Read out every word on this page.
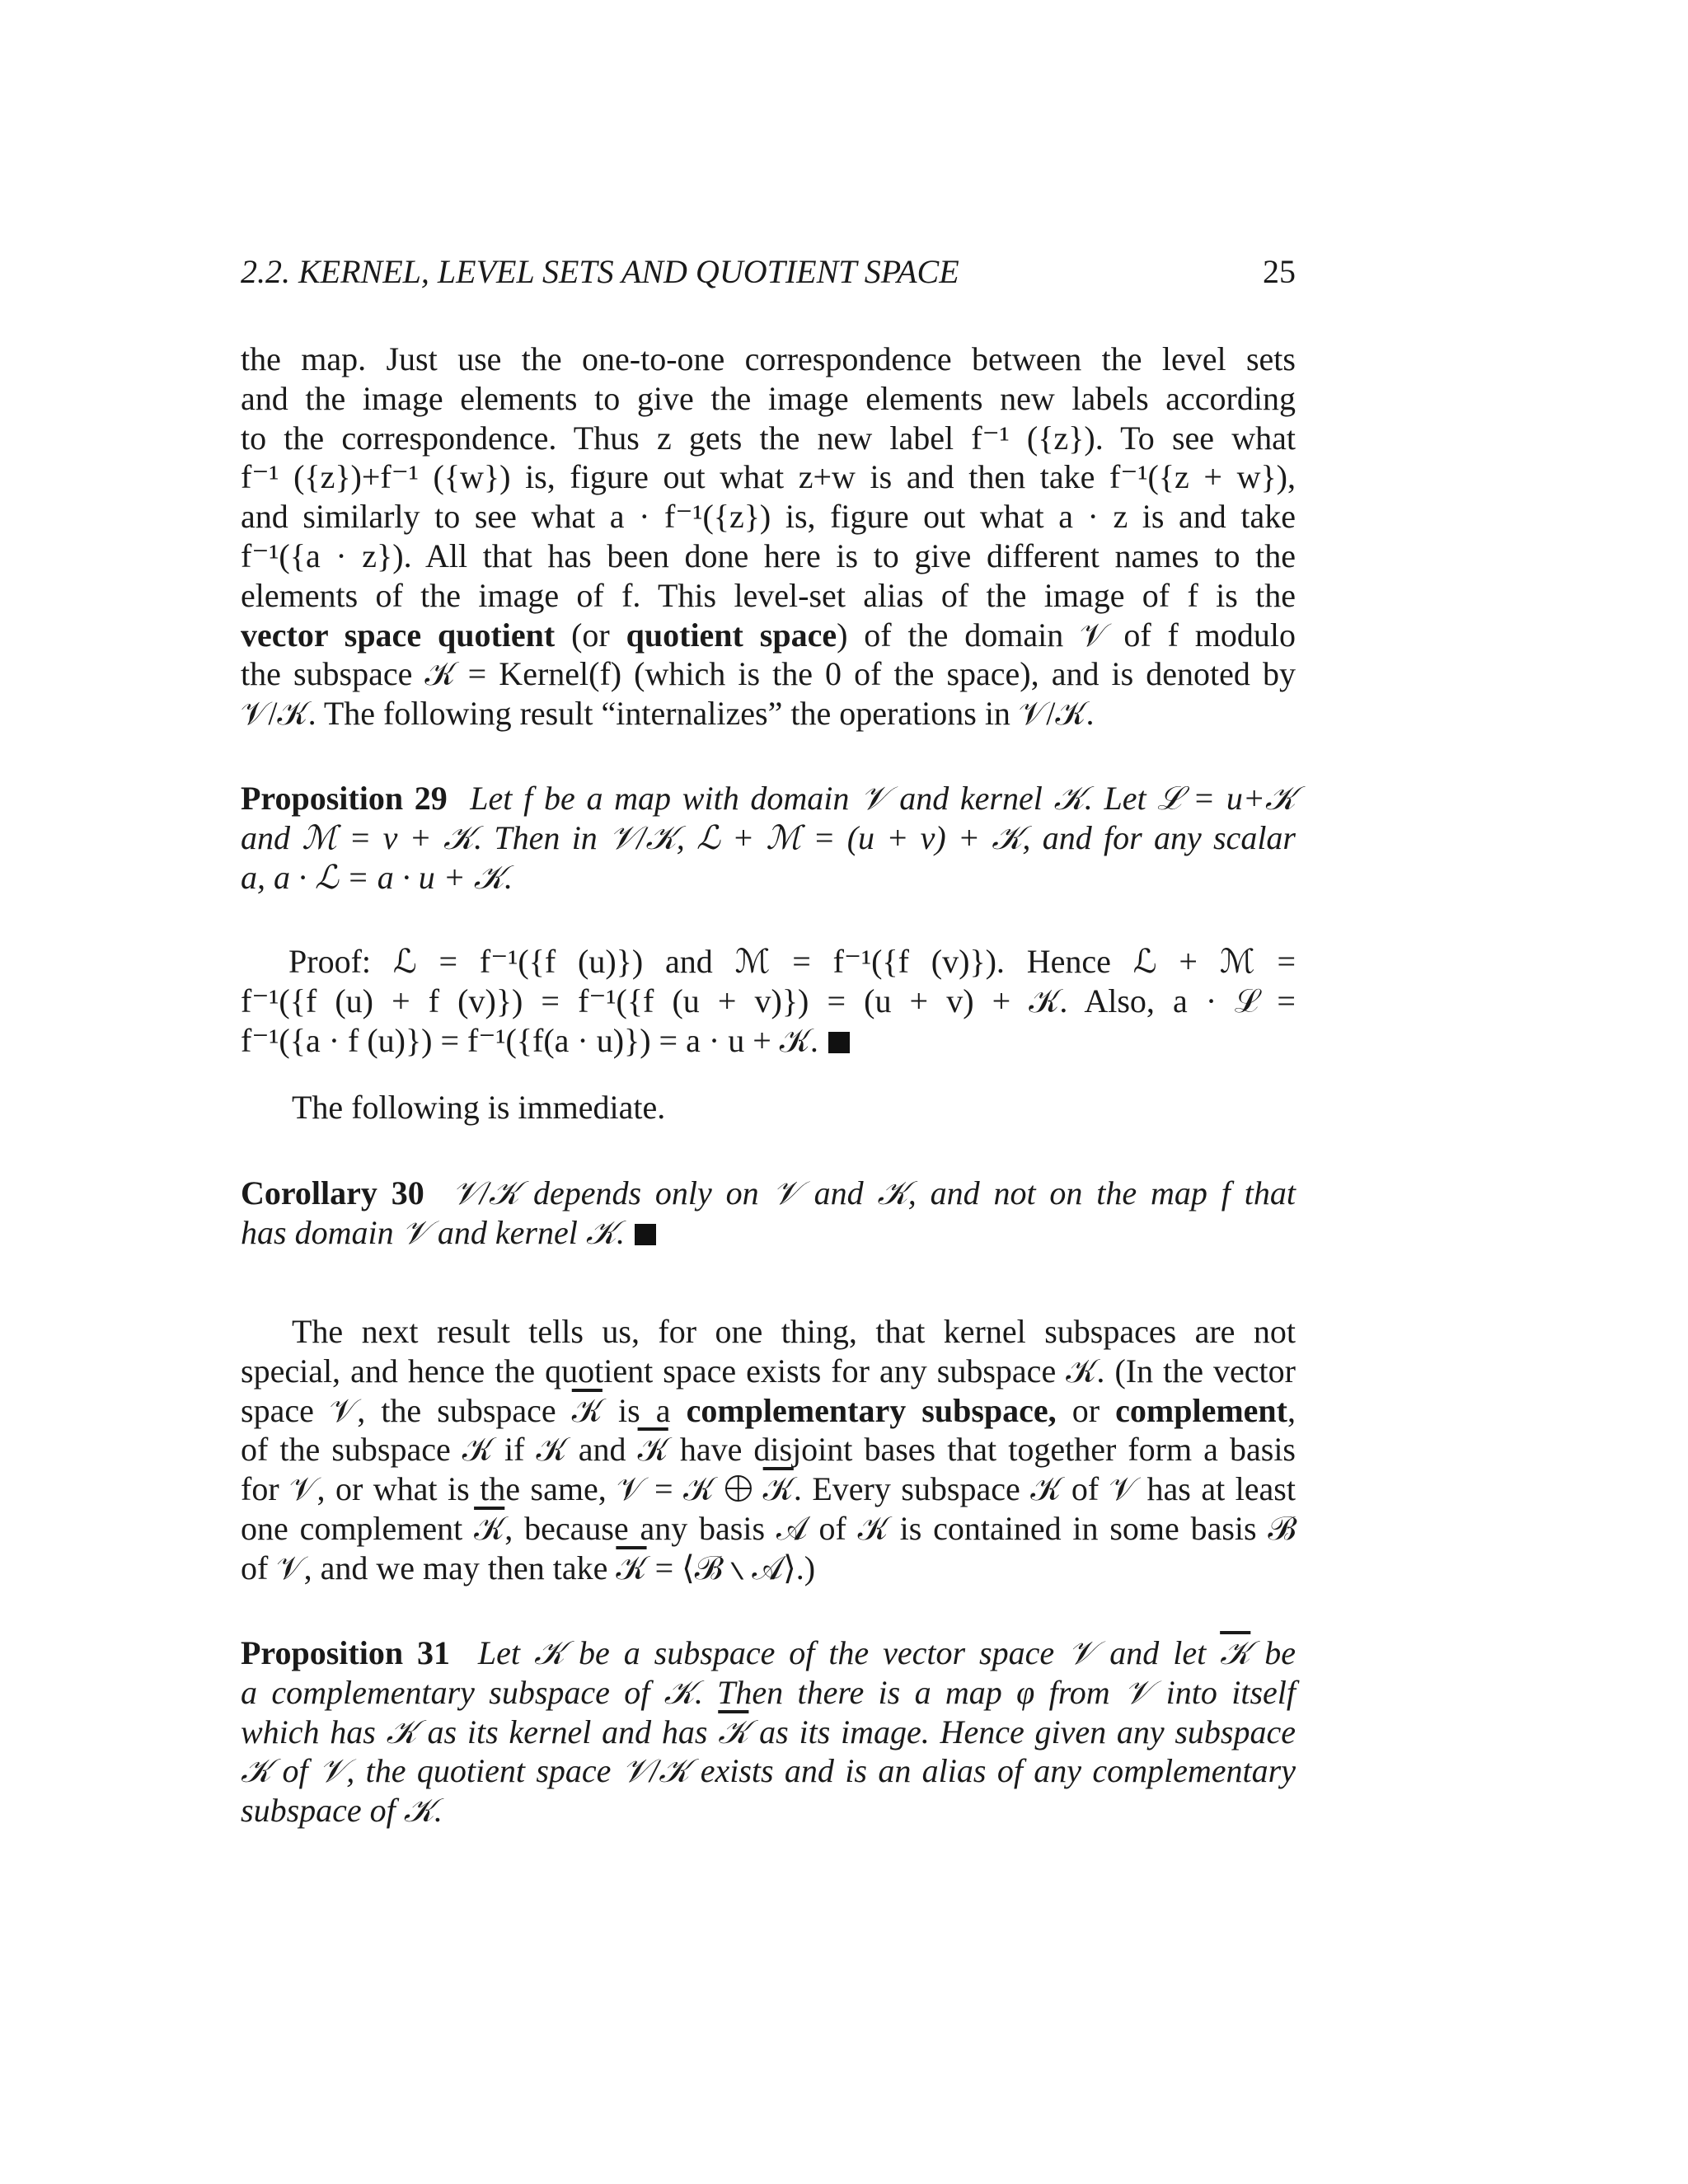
2.2. KERNEL, LEVEL SETS AND QUOTIENT SPACE	25
the map. Just use the one-to-one correspondence between the level sets
and the image elements to give the image elements new labels according
to the correspondence. Thus z gets the new label f⁻¹ ({z}). To see what
f⁻¹ ({z})+f⁻¹ ({w}) is, figure out what z+w is and then take f⁻¹({z + w}),
and similarly to see what a · f⁻¹({z}) is, figure out what a · z is and take
f⁻¹({a · z}). All that has been done here is to give different names to the
elements of the image of f. This level-set alias of the image of f is the
vector space quotient (or quotient space) of the domain 𝒱 of f modulo
the subspace 𝒦 = Kernel(f) (which is the 0 of the space), and is denoted by
𝒱/𝒦. The following result “internalizes” the operations in 𝒱/𝒦.
Proposition 29 Let f be a map with domain 𝒱 and kernel 𝒦. Let ℒ = u+𝒦
and ℳ = v + 𝒦. Then in 𝒱/𝒦, ℒ + ℳ = (u + v) + 𝒦, and for any scalar
a, a · ℒ = a · u + 𝒦.
Proof: ℒ = f⁻¹({f (u)}) and ℳ = f⁻¹({f (v)}). Hence ℒ + ℳ =
f⁻¹({f (u) + f (v)}) = f⁻¹({f (u + v)}) = (u + v) + 𝒦. Also, a · ℒ =
f⁻¹({a · f (u)}) = f⁻¹({f(a · u)}) = a · u + 𝒦.
The following is immediate.
Corollary 30 𝒱/𝒦 depends only on 𝒱 and 𝒦, and not on the map f that
has domain 𝒱 and kernel 𝒦.
The next result tells us, for one thing, that kernel subspaces are not
special, and hence the quotient space exists for any subspace 𝒦. (In the vector
space 𝒱, the subspace 𝒦 is a complementary subspace, or complement,
of the subspace 𝒦 if 𝒦 and 𝒦 have disjoint bases that together form a basis
for 𝒱, or what is the same, 𝒱 = 𝒦 ⨁ 𝒦. Every subspace 𝒦 of 𝒱 has at least
one complement 𝒦, because any basis 𝒜 of 𝒦 is contained in some basis ℬ
of 𝒱, and we may then take 𝒦 = ⟨ℬ ∖ 𝒜⟩.)
Proposition 31 Let 𝒦 be a subspace of the vector space 𝒱 and let 𝒦 be
a complementary subspace of 𝒦. Then there is a map φ from 𝒱 into itself
which has 𝒦 as its kernel and has 𝒦 as its image. Hence given any subspace
𝒦 of 𝒱, the quotient space 𝒱/𝒦 exists and is an alias of any complementary
subspace of 𝒦.
